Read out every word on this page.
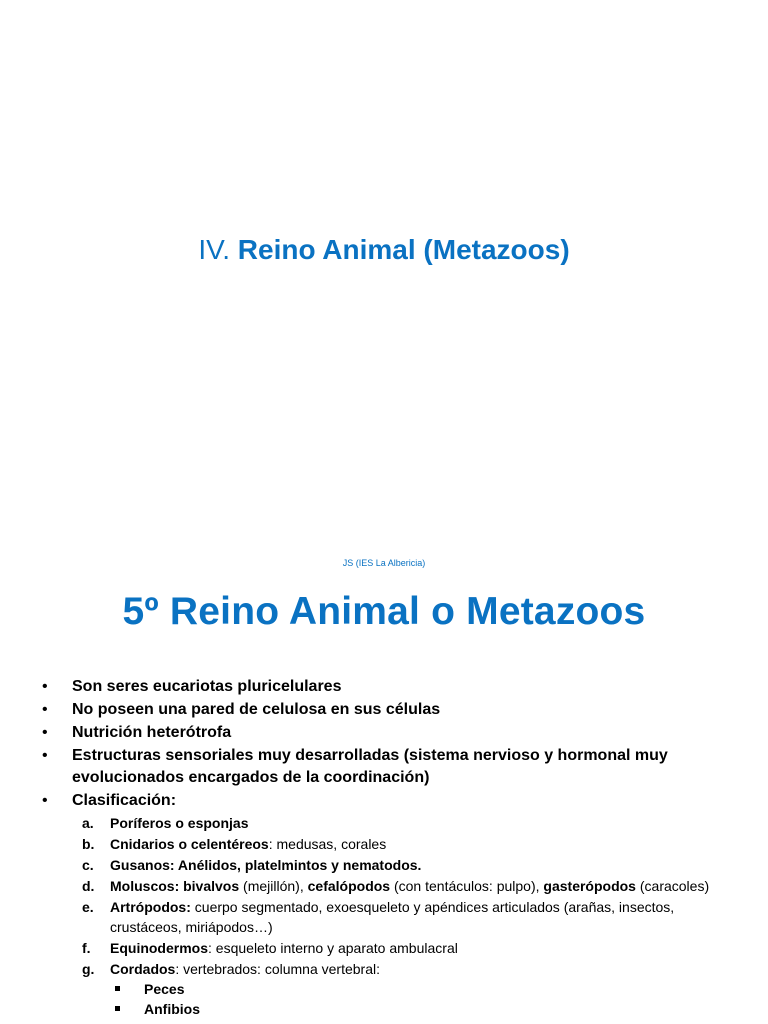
IV. Reino Animal (Metazoos)
JS (IES La Albericia)
5º Reino Animal o Metazoos
• Son seres eucariotas pluricelulares
• No poseen una pared de celulosa en sus células
• Nutrición heterótrofa
• Estructuras sensoriales muy desarrolladas (sistema nervioso y hormonal muy evolucionados encargados de la coordinación)
• Clasificación:
a. Poríferos o esponjas
b. Cnidarios o celentéreos: medusas, corales
c. Gusanos: Anélidos, platelmintos y nematodos.
d. Moluscos: bivalvos (mejillón), cefalópodos (con tentáculos: pulpo), gasterópodos (caracoles)
e. Artrópodos: cuerpo segmentado, exoesqueleto y apéndices articulados (arañas, insectos, crustáceos, miriápodos…)
f. Equinodermos: esqueleto interno y aparato ambulacral
g. Cordados: vertebrados: columna vertebral:
Peces
Anfibios
